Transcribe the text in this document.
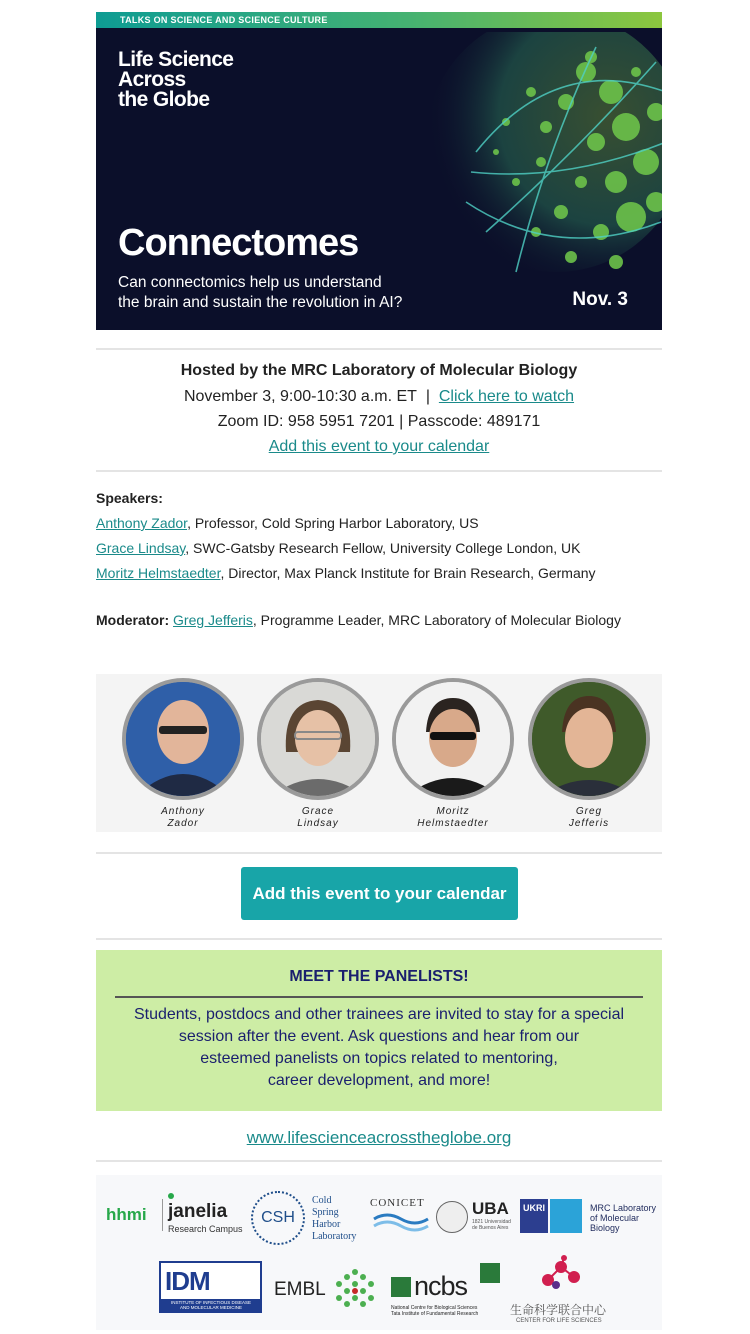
TALKS ON SCIENCE AND SCIENCE CULTURE
Life Science
Across
the Globe
Connectomes
Can connectomics help us understand
the brain and sustain the revolution in AI?	Nov. 3
Hosted by the MRC Laboratory of Molecular Biology
November 3, 9:00-10:30 a.m. ET | Click here to watch
Zoom ID: 958 5951 7201 | Passcode: 489171
Add this event to your calendar
Speakers:
Anthony Zador, Professor, Cold Spring Harbor Laboratory, US
Grace Lindsay, SWC-Gatsby Research Fellow, University College London, UK
Moritz Helmstaedter, Director, Max Planck Institute for Brain Research, Germany
Moderator: Greg Jefferis, Programme Leader, MRC Laboratory of Molecular Biology
Anthony
Zador
Grace
Lindsay
Moritz
Helmstaedter
Greg
Jefferis
Add this event to your calendar
MEET THE PANELISTS!
Students, postdocs and other trainees are invited to stay for a special
session after the event. Ask questions and hear from our
esteemed panelists on topics related to mentoring,
career development, and more!
www.lifescienceacrosstheglobe.org
hhmi janelia
Research Campus
CSH
Cold
Spring
Harbor
Laboratory
CONICET	UBA
1821 Universidad
de Buenos Aires
UKRI	MRC Laboratory
of Molecular
Biology
IDM
INSTITUTE OF INFECTIOUS DISEASE
AND MOLECULAR MEDICINE
EMBL	ncbs
National Centre for Biological Sciences
Tata Institute of Fundamental Research	生命科学联合中心
CENTER FOR LIFE SCIENCES
